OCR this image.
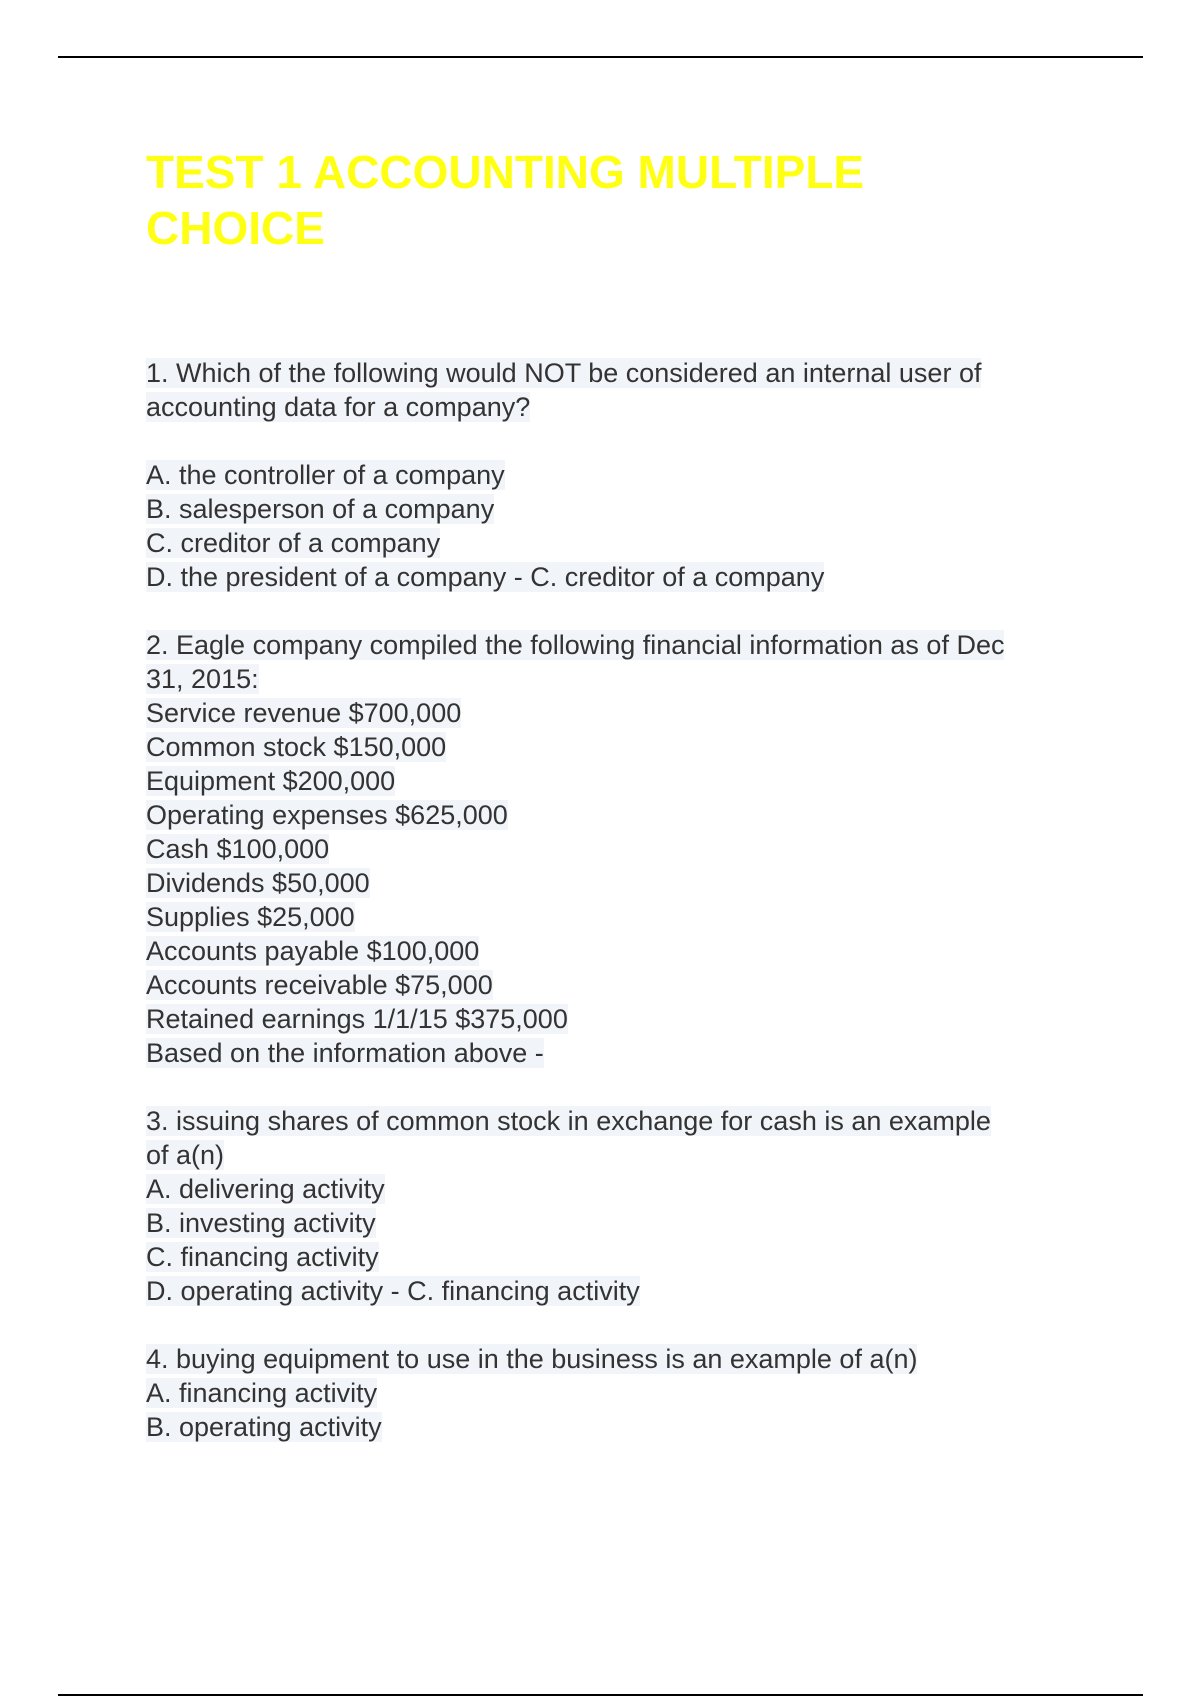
TEST 1 ACCOUNTING MULTIPLE
CHOICE
1. Which of the following would NOT be considered an internal user of
accounting data for a company?
A. the controller of a company
B. salesperson of a company
C. creditor of a company
D. the president of a company - C. creditor of a company
2. Eagle company compiled the following financial information as of Dec
31, 2015:
Service revenue $700,000
Common stock $150,000
Equipment $200,000
Operating expenses $625,000
Cash $100,000
Dividends $50,000
Supplies $25,000
Accounts payable $100,000
Accounts receivable $75,000
Retained earnings 1/1/15 $375,000
Based on the information above -
3. issuing shares of common stock in exchange for cash is an example
of a(n)
A. delivering activity
B. investing activity
C. financing activity
D. operating activity - C. financing activity
4. buying equipment to use in the business is an example of a(n)
A. financing activity
B. operating activity
